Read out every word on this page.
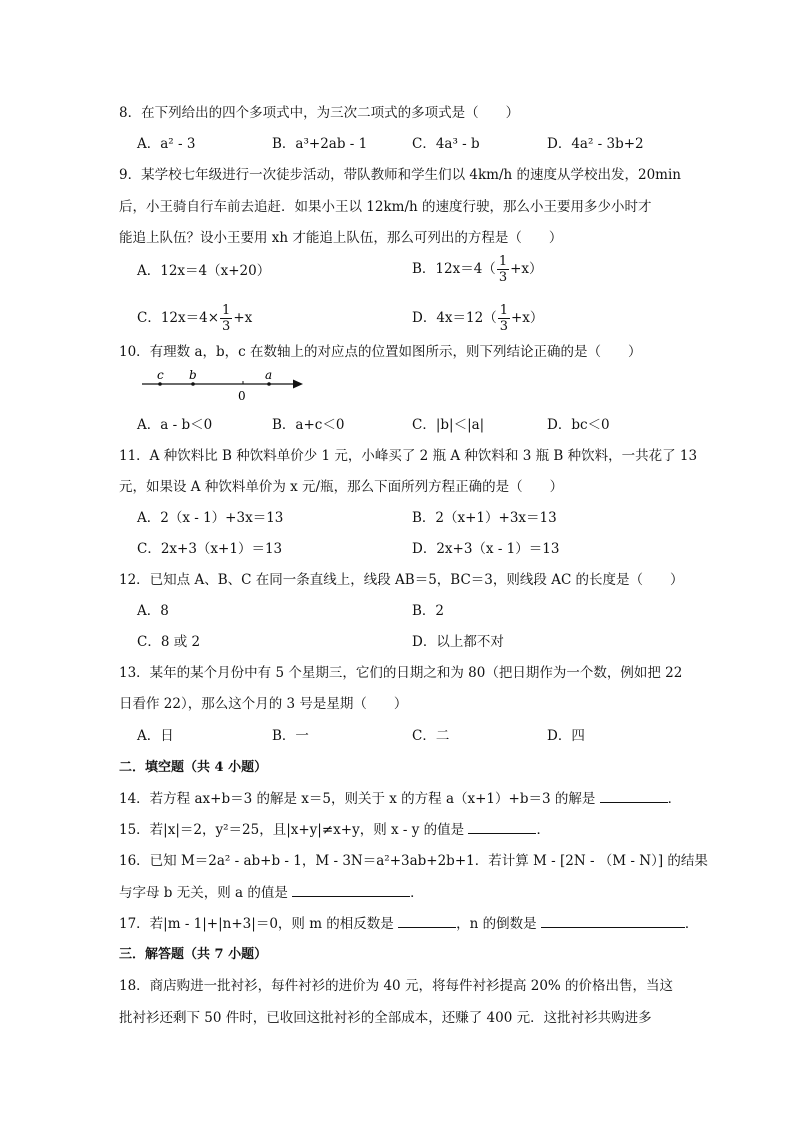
8．在下列给出的四个多项式中，为三次二项式的多项式是（　　）
A．a² - 3	B．a³+2ab - 1	C．4a³ - b	D．4a² - 3b+2
9．某学校七年级进行一次徒步活动，带队教师和学生们以 4km/h 的速度从学校出发，20min
后，小王骑自行车前去追赶．如果小王以 12km/h 的速度行驶，那么小王要用多少小时才
能追上队伍？设小王要用 xh 才能追上队伍，那么可列出的方程是（　　）
A．12x＝4（x+20）	B．$12x=4( \frac{1}{3} +x)$
C．$12x=4\times \frac{1}{3} +x$	D．$4x=12( \frac{1}{3} +x)$
10．有理数 a，b，c 在数轴上的对应点的位置如图所示，则下列结论正确的是（　　）
c b	a
0
A．a - b＜0	B．a+c＜0	C．|b|＜|a|	D．bc＜0
11．A 种饮料比 B 种饮料单价少 1 元，小峰买了 2 瓶 A 种饮料和 3 瓶 B 种饮料，一共花了 13
元，如果设 A 种饮料单价为 x 元/瓶，那么下面所列方程正确的是（　　）
A．2（x - 1）+3x＝13	B．2（x+1）+3x＝13
C．2x+3（x+1）＝13	D．2x+3（x - 1）＝13
12．已知点 A、B、C 在同一条直线上，线段 AB＝5，BC＝3，则线段 AC 的长度是（　　）
A．8	B．2
C．8 或 2	D．以上都不对
13．某年的某个月份中有 5 个星期三，它们的日期之和为 80（把日期作为一个数，例如把 22
日看作 22），那么这个月的 3 号是星期（　　）
A．日	B．一	C．二	D．四
二．填空题（共 4 小题）
14．若方程 ax+b＝3 的解是 x＝5，则关于 x 的方程 a（x+1）+b＝3 的解是	．
15．若|x|＝2，y²＝25，且|x+y|≠x+y，则 x - y 的值是	．
16．已知 M＝2a² - ab+b - 1，M - 3N＝a²+3ab+2b+1．若计算 M - [2N - （M - N）] 的结果
与字母 b 无关，则 a 的值是	．
17．若|m - 1|+|n+3|＝0，则 m 的相反数是	，n 的倒数是	．
三．解答题（共 7 小题）
18．商店购进一批衬衫，每件衬衫的进价为 40 元，将每件衬衫提高 20% 的价格出售，当这
批衬衫还剩下 50 件时，已收回这批衬衫的全部成本，还赚了 400 元．这批衬衫共购进多
